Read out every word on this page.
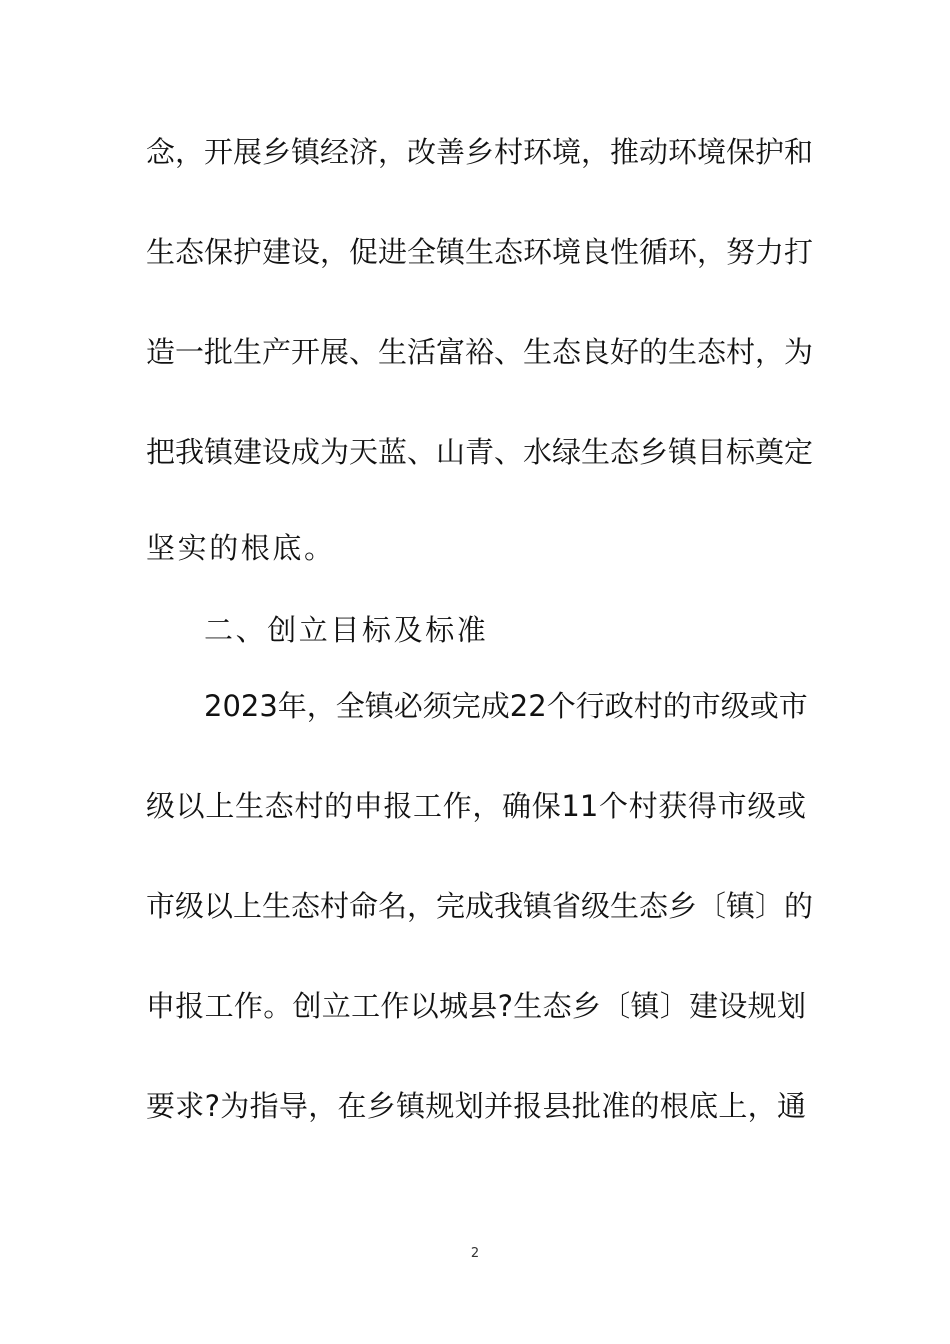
念，开展乡镇经济，改善乡村环境，推动环境保护和

生态保护建设，促进全镇生态环境良性循环，努力打

造一批生产开展、生活富裕、生态良好的生态村，为

把我镇建设成为天蓝、山青、水绿生态乡镇目标奠定

坚实的根底。

二、创立目标及标准

2023年，全镇必须完成22个行政村的市级或市

级以上生态村的申报工作，确保11个村获得市级或

市级以上生态村命名，完成我镇省级生态乡〔镇〕的

申报工作。创立工作以城县?生态乡〔镇〕建设规划

要求?为指导，在乡镇规划并报县批准的根底上，通

2
